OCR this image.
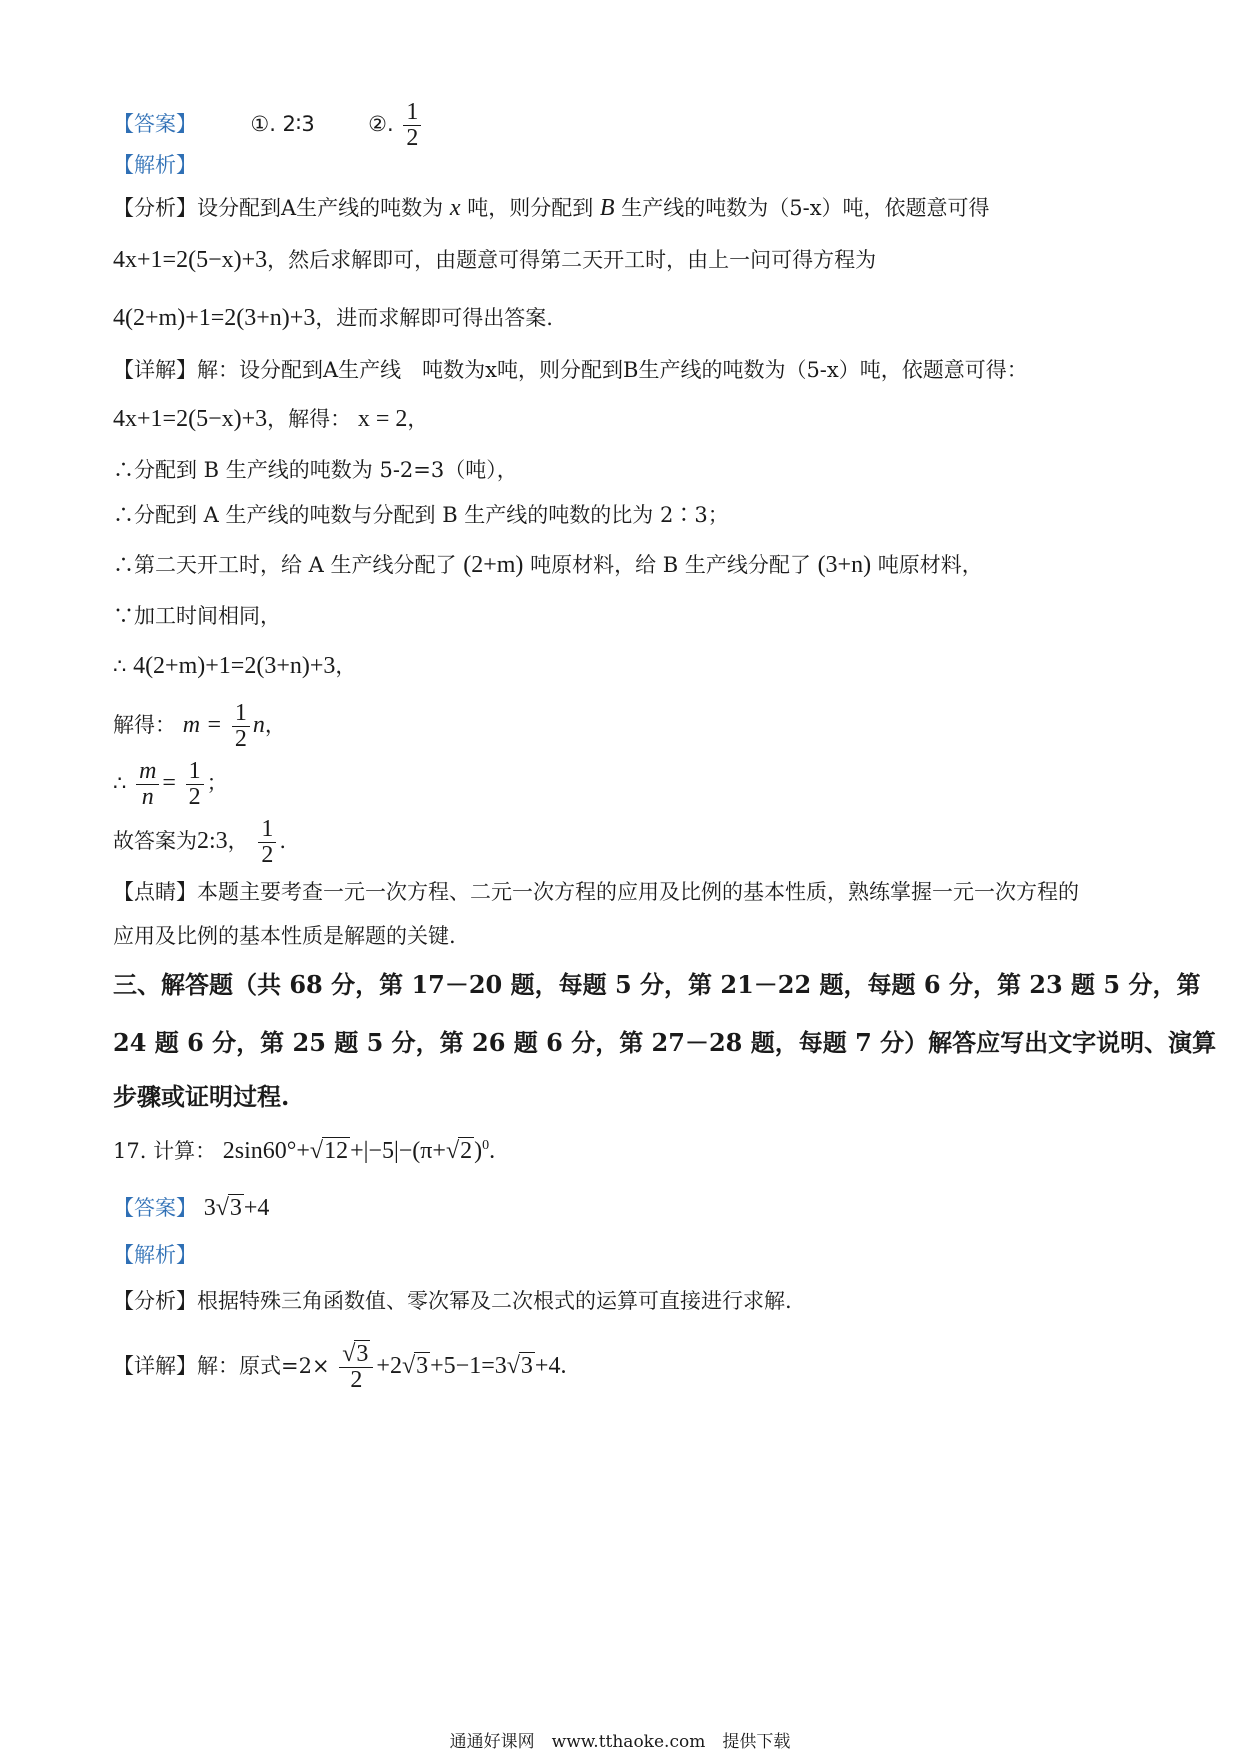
【答案】	①. 2∶3	②. $\frac{1}{2}$
【解析】
【分析】设分配到A生产线的吨数为 x 吨，则分配到 B 生产线的吨数为（5-x）吨，依题意可得
4x+1=2(5−x)+3，然后求解即可，由题意可得第二天开工时，由上一问可得方程为
4(2+m)+1=2(3+n)+3，进而求解即可得出答案.
【详解】解：设分配到A生产线　吨数为x吨，则分配到B生产线的吨数为（5-x）吨，依题意可得：
4x+1=2(5−x)+3，解得： x = 2，
∴分配到 B 生产线的吨数为 5-2=3（吨），
∴分配到 A 生产线的吨数与分配到 B 生产线的吨数的比为 2∶3；
∴第二天开工时，给 A 生产线分配了 (2+m) 吨原材料，给 B 生产线分配了 (3+n) 吨原材料，
∵加工时间相同，
∴ 4(2+m)+1=2(3+n)+3，
解得： $m = \frac{1}{2}$ n，
∴ $\frac{m}{n} = \frac{1}{2}$ ；
故答案为2:3， $\frac{1}{2}$ .
【点睛】本题主要考查一元一次方程、二元一次方程的应用及比例的基本性质，熟练掌握一元一次方程的
应用及比例的基本性质是解题的关键.
三、解答题（共 68 分，第 17－20 题，每题 5 分，第 21－22 题，每题 6 分，第 23 题 5 分，第
24 题 6 分，第 25 题 5 分，第 26 题 6 分，第 27－28 题，每题 7 分）解答应写出文字说明、演算
步骤或证明过程.
17. 计算： $2\sin 60^\circ+√12+|-5|-(\pi+√2)^0$.
【答案】 3√3+4
【解析】
【分析】根据特殊三角函数值、零次幂及二次根式的运算可直接进行求解.
【详解】解：原式$=2\times \frac{√3}{2} +2√3+5-1=3√3+4$.
通通好课网　www.tthaoke.com　提供下载
